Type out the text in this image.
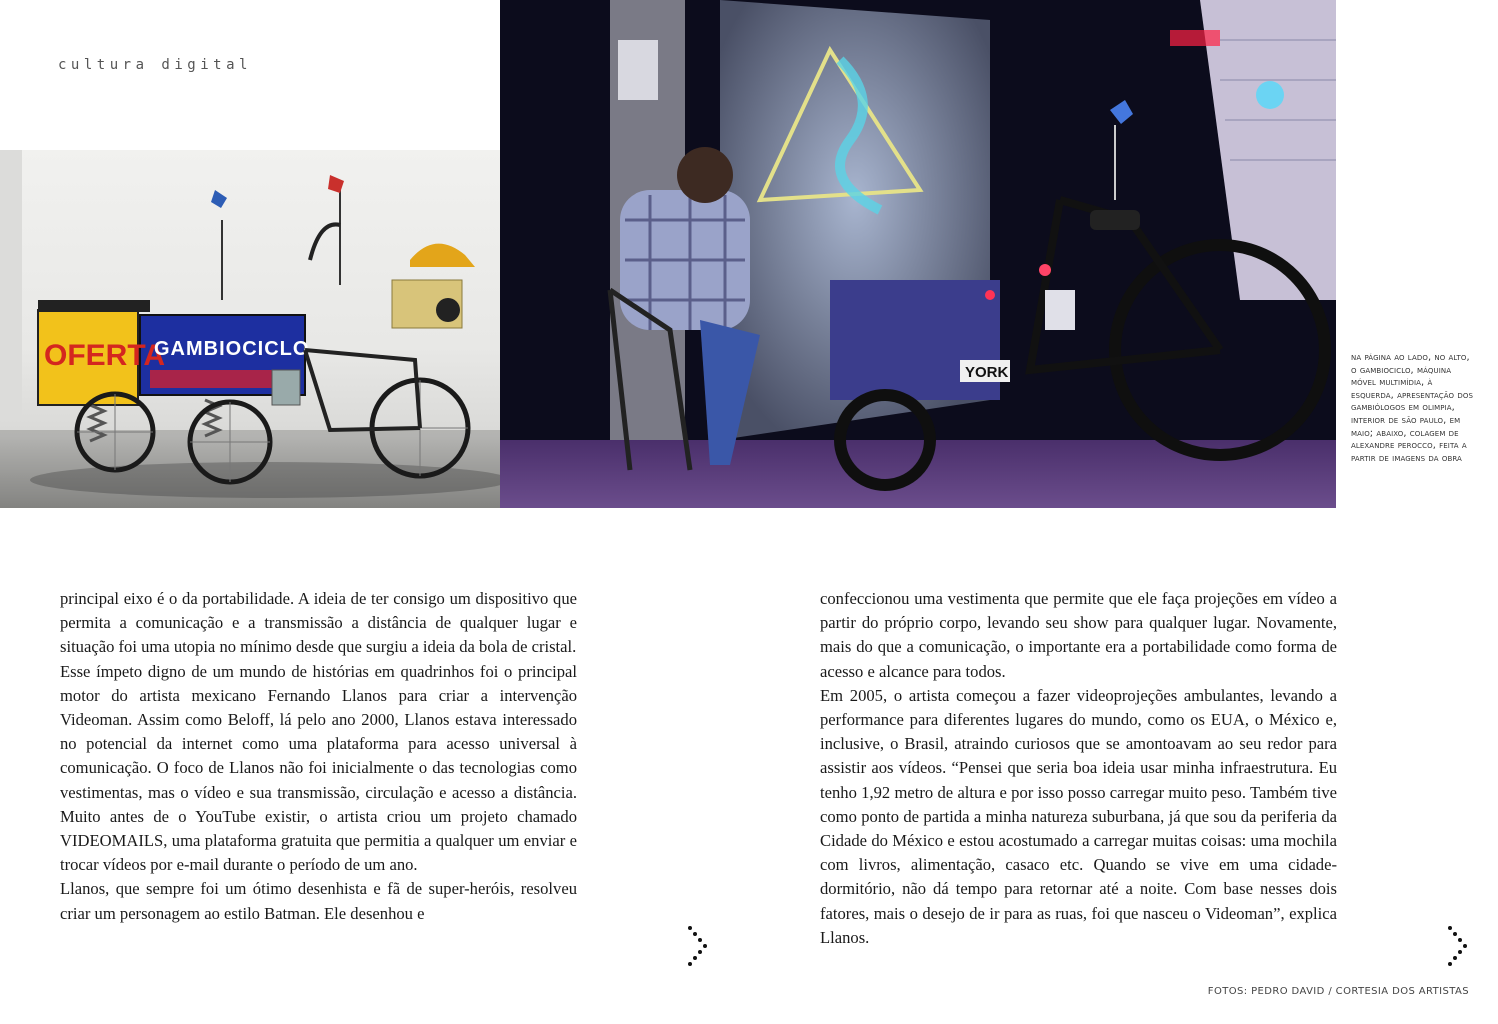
cultura digital
OFERTA
GAMBIOCICLO
YORK
na página ao lado, no alto, o gambiociclo, máquina móvel multimídia, à esquerda, apresentação dos gambiólogos em olimpia, interior de são paulo, em maio; abaixo, colagem de alexandre perocco, feita a partir de imagens da obra

principal eixo é o da portabilidade. A ideia de ter consigo um dispositivo que permita a comunicação e a transmissão a distância de qualquer lugar e situação foi uma utopia no mínimo desde que surgiu a ideia da bola de cristal.

Esse ímpeto digno de um mundo de histórias em quadrinhos foi o principal motor do artista mexicano Fernando Llanos para criar a intervenção Videoman. Assim como Beloff, lá pelo ano 2000, Llanos estava interessado no potencial da internet como uma plataforma para acesso universal à comunicação. O foco de Llanos não foi inicialmente o das tecnologias como vestimentas, mas o vídeo e sua transmissão, circulação e acesso a distância. Muito antes de o YouTube existir, o artista criou um projeto chamado VIDEOMAILS, uma plataforma gratuita que permitia a qualquer um enviar e trocar vídeos por e-mail durante o período de um ano.

Llanos, que sempre foi um ótimo desenhista e fã de super-heróis, resolveu criar um personagem ao estilo Batman. Ele desenhou e

confeccionou uma vestimenta que permite que ele faça projeções em vídeo a partir do próprio corpo, levando seu show para qualquer lugar. Novamente, mais do que a comunicação, o importante era a portabilidade como forma de acesso e alcance para todos.

Em 2005, o artista começou a fazer videoprojeções ambulantes, levando a performance para diferentes lugares do mundo, como os EUA, o México e, inclusive, o Brasil, atraindo curiosos que se amontoavam ao seu redor para assistir aos vídeos. “Pensei que seria boa ideia usar minha infraestrutura. Eu tenho 1,92 metro de altura e por isso posso carregar muito peso. Também tive como ponto de partida a minha natureza suburbana, já que sou da periferia da Cidade do México e estou acostumado a carregar muitas coisas: uma mochila com livros, alimentação, casaco etc. Quando se vive em uma cidade-dormitório, não dá tempo para retornar até a noite. Com base nesses dois fatores, mais o desejo de ir para as ruas, foi que nasceu o Videoman”, explica Llanos.

FOTOS: PEDRO DAVID / CORTESIA DOS ARTISTAS
